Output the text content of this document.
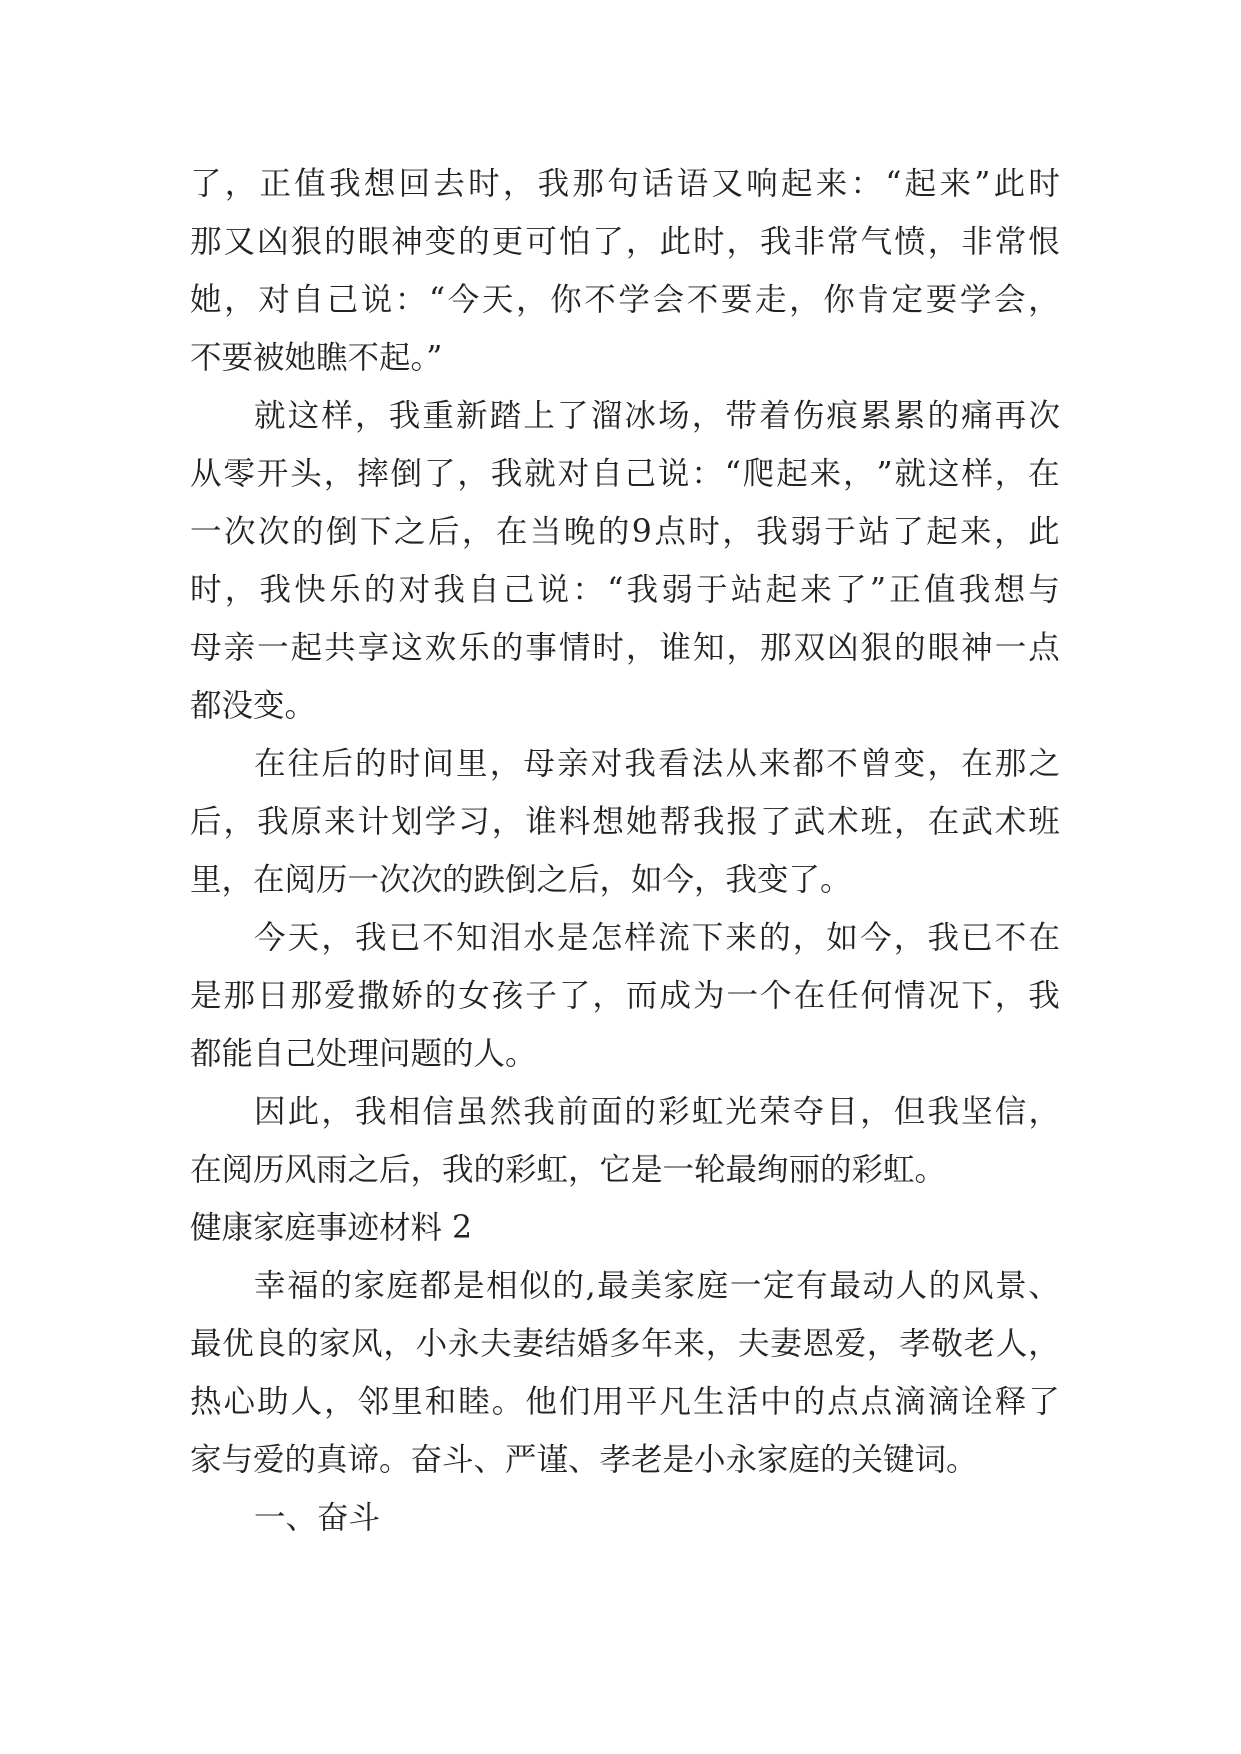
了 ， 正 值 我 想 回 去 时 ， 我 那 句 话 语 又 响 起 来 ： “ 起 来 ” 此 时
那 又 凶 狠 的 眼 神 变 的 更 可 怕 了 ， 此 时 ， 我 非 常 气 愤 ， 非 常 恨
她 ， 对 自 己 说 ： “ 今 天 ， 你 不 学 会 不 要 走 ， 你 肯 定 要 学 会 ，
不要被她瞧不起。”
就 这 样 ， 我 重 新 踏 上 了 溜 冰 场 ， 带 着 伤 痕 累 累 的 痛 再 次
从 零 开 头 ， 摔 倒 了 ， 我 就 对 自 己 说 ： “ 爬 起 来 ， ” 就 这 样 ， 在
一 次 次 的 倒 下 之 后 ， 在 当 晚 的 9 点 时 ， 我 弱 于 站 了 起 来 ， 此
时 ， 我 快 乐 的 对 我 自 己 说 ： “ 我 弱 于 站 起 来 了 ” 正 值 我 想 与
母 亲 一 起 共 享 这 欢 乐 的 事 情 时 ， 谁 知 ， 那 双 凶 狠 的 眼 神 一 点
都没变。
在 往 后 的 时 间 里 ， 母 亲 对 我 看 法 从 来 都 不 曾 变 ， 在 那 之
后 ， 我 原 来 计 划 学 习 ， 谁 料 想 她 帮 我 报 了 武 术 班 ， 在 武 术 班
里，在阅历一次次的跌倒之后，如今，我变了。
今 天 ， 我 已 不 知 泪 水 是 怎 样 流 下 来 的 ， 如 今 ， 我 已 不 在
是 那 日 那 爱 撒 娇 的 女 孩 子 了 ， 而 成 为 一 个 在 任 何 情 况 下 ， 我
都能自己处理问题的人。
因 此 ， 我 相 信 虽 然 我 前 面 的 彩 虹 光 荣 夺 目 ， 但 我 坚 信 ，
在阅历风雨之后，我的彩虹，它是一轮最绚丽的彩虹。
健康家庭事迹材料 2
幸 福 的 家 庭 都 是 相 似 的 , 最 美 家 庭 一 定 有 最 动 人 的 风 景 、
最 优 良 的 家 风 ， 小 永 夫 妻 结 婚 多 年 来 ， 夫 妻 恩 爱 ， 孝 敬 老 人 ，
热 心 助 人 ， 邻 里 和 睦 。 他 们 用 平 凡 生 活 中 的 点 点 滴 滴 诠 释 了
家与爱的真谛。奋斗、严谨、孝老是小永家庭的关键词。
一、奋斗
